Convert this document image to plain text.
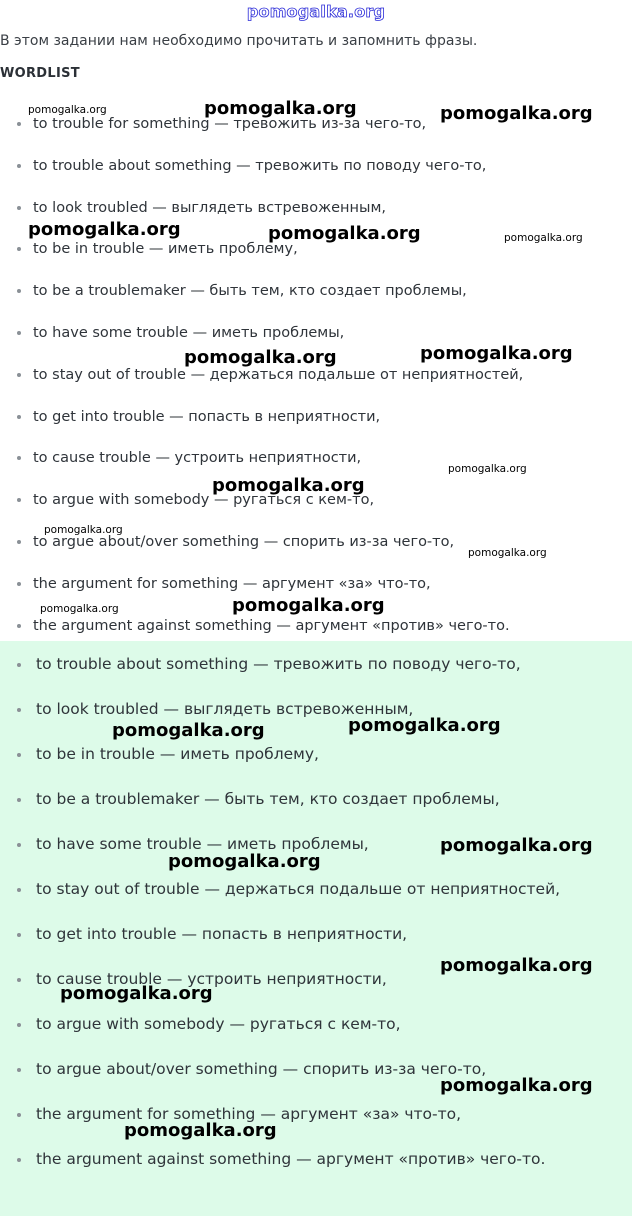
pomogalka.org
В этом задании нам необходимо прочитать и запомнить фразы.
WORDLIST
to trouble for something — тревожить из-за чего-то,
to trouble about something — тревожить по поводу чего-то,
to look troubled — выглядеть встревоженным,
to be in trouble — иметь проблему,
to be a troublemaker — быть тем, кто создает проблемы,
to have some trouble — иметь проблемы,
to stay out of trouble — держаться подальше от неприятностей,
to get into trouble — попасть в неприятности,
to cause trouble — устроить неприятности,
to argue with somebody — ругаться с кем-то,
to argue about/over something — спорить из-за чего-то,
the argument for something — аргумент «за» что-то,
the argument against something — аргумент «против» чего-то.
to trouble about something — тревожить по поводу чего-то,
to look troubled — выглядеть встревоженным,
to be in trouble — иметь проблему,
to be a troublemaker — быть тем, кто создает проблемы,
to have some trouble — иметь проблемы,
to stay out of trouble — держаться подальше от неприятностей,
to get into trouble — попасть в неприятности,
to cause trouble — устроить неприятности,
to argue with somebody — ругаться с кем-то,
to argue about/over something — спорить из-за чего-то,
the argument for something — аргумент «за» что-то,
the argument against something — аргумент «против» чего-то.
pomogalka.org	pomogalka.org	pomogalka.org
pomogalka.org	pomogalka.org	pomogalka.org
pomogalka.org	pomogalka.org
pomogalka.org
pomogalka.org
pomogalka.org
pomogalka.org
pomogalka.org	pomogalka.org
pomogalka.org	pomogalka.org
pomogalka.org
pomogalka.org
pomogalka.org
pomogalka.org
pomogalka.org
pomogalka.org
